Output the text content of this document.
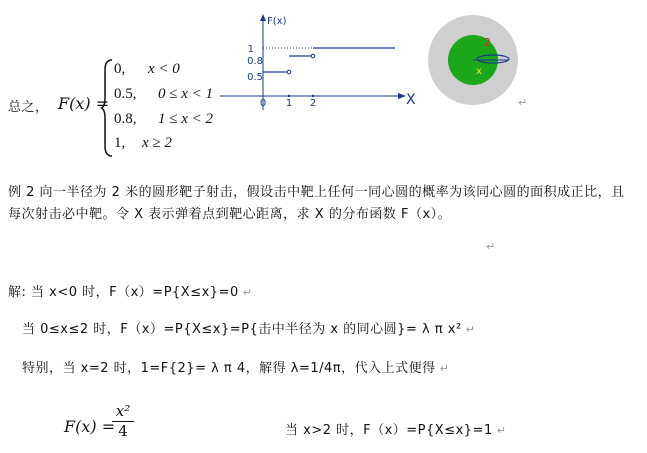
总之， F(x) =
0, x < 0
0.5, 0 ≤ x < 1
0.8, 1 ≤ x < 2
1, x ≥ 2
F(x)
X
1
0.8
0.5
0 1 2
2
x
↵
例 2 向一半径为 2 米的圆形靶子射击，假设击中靶上任何一同心圆的概率为该同心圆的面积成正比，且
每次射击必中靶。令 X 表示弹着点到靶心距离，求 X 的分布函数 F（x）。
↵
解: 当 x<0 时，F（x）=P{X≤x}=0 ↵
当 0≤x≤2 时，F（x）=P{X≤x}=P{击中半径为 x 的同心圆}= λ π x² ↵
特别，当 x=2 时，1=F{2}= λ π 4，解得 λ=1/4π，代入上式便得 ↵
F(x) =
x²
4	当 x>2 时，F（x）=P{X≤x}=1 ↵
